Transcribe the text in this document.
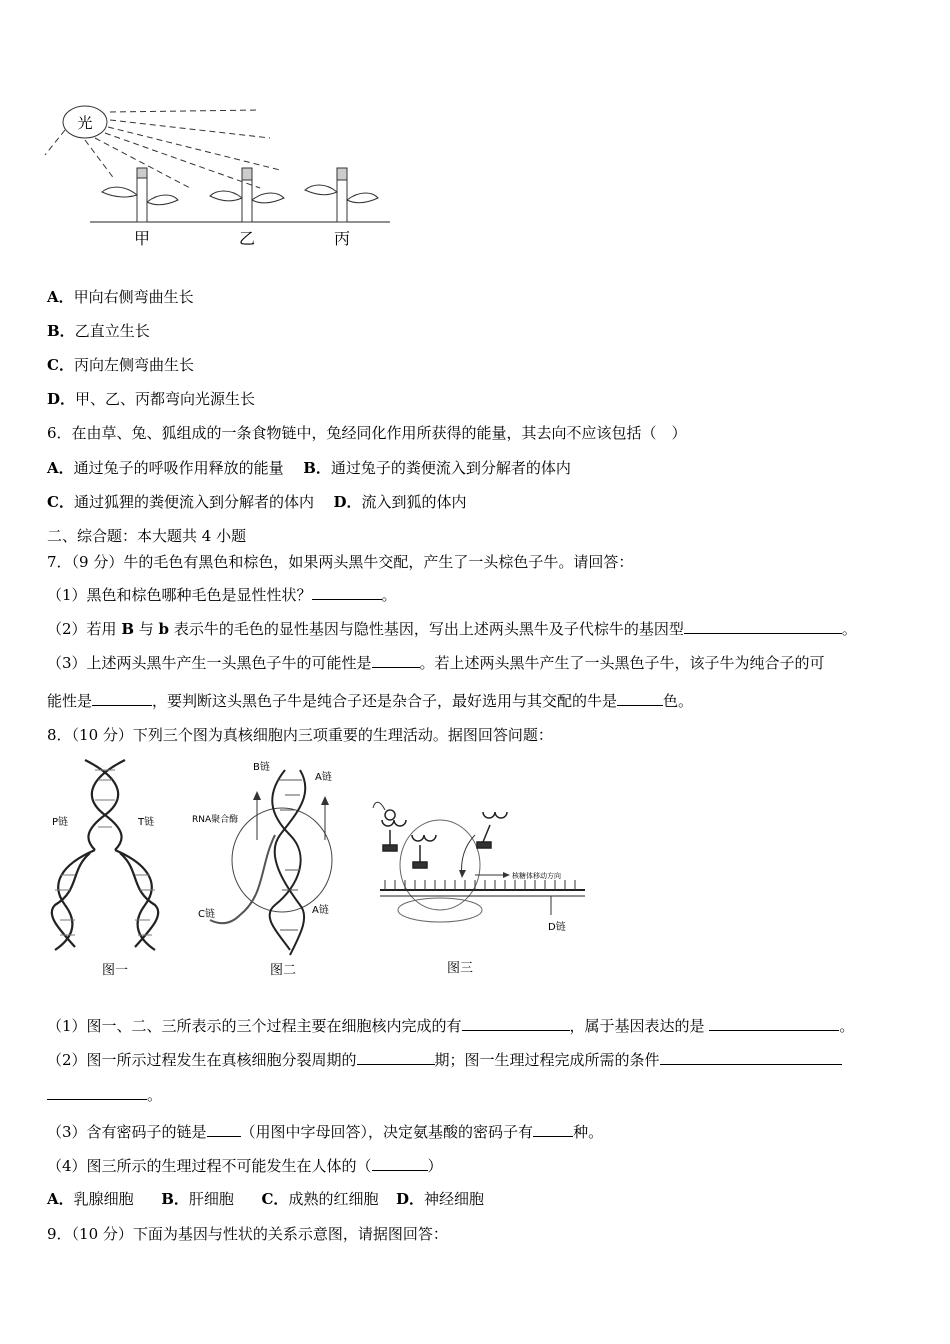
光
甲	乙	丙
A．甲向右侧弯曲生长
B．乙直立生长
C．丙向左侧弯曲生长
D．甲、乙、丙都弯向光源生长
6．在由草、兔、狐组成的一条食物链中，兔经同化作用所获得的能量，其去向不应该包括（　）
A．通过兔子的呼吸作用释放的能量 B．通过兔子的粪便流入到分解者的体内
C．通过狐狸的粪便流入到分解者的体内 D．流入到狐的体内
二、综合题：本大题共 4 小题
7．（9 分）牛的毛色有黑色和棕色，如果两头黑牛交配，产生了一头棕色子牛。请回答：
（1）黑色和棕色哪种毛色是显性性状？	。
（2）若用 B 与 b 表示牛的毛色的显性基因与隐性基因，写出上述两头黑牛及子代棕牛的基因型	。
（3）上述两头黑牛产生一头黑色子牛的可能性是	。若上述两头黑牛产生了一头黑色子牛，该子牛为纯合子的可
能性是	，要判断这头黑色子牛是纯合子还是杂合子，最好选用与其交配的牛是	色。
8．（10 分）下列三个图为真核细胞内三项重要的生理活动。据图回答问题：
P链	T链
图一
B链
A链
RNA聚合酶
C链	A链
图二
核糖体移动方向
D链
图三
（1）图一、二、三所表示的三个过程主要在细胞核内完成的有	，属于基因表达的是	。
（2）图一所示过程发生在真核细胞分裂周期的	期；图一生理过程完成所需的条件
。
（3）含有密码子的链是 （用图中字母回答），决定氨基酸的密码子有	种。
（4）图三所示的生理过程不可能发生在人体的（	）
A．乳腺细胞 B．肝细胞 C．成熟的红细胞 D．神经细胞
9．（10 分）下面为基因与性状的关系示意图，请据图回答：
